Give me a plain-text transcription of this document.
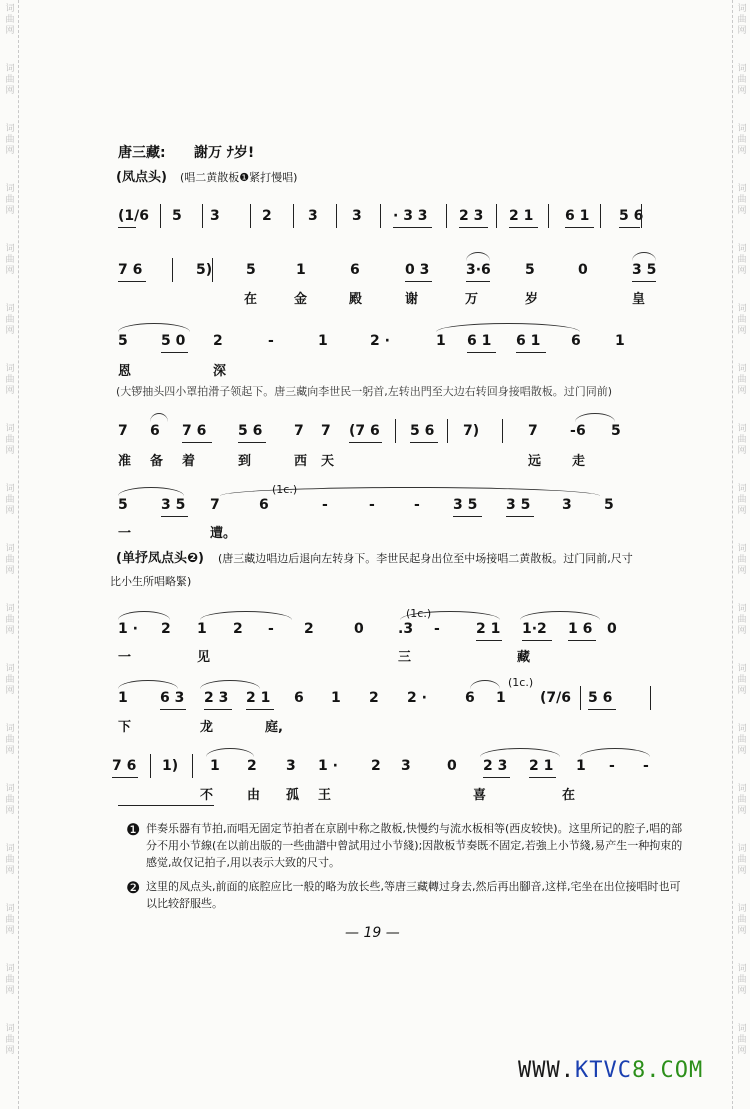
词
曲
网
词
曲
网
词
曲
网
词
曲
网
词
曲
网
词
曲
网
词
曲
网
词
曲
网
词
曲
网
词
曲
网
词
曲
网
词
曲
网
词
曲
网
词
曲
网
词
曲
网
词
曲
网
词
曲
网
词
曲
网
词
曲
网
词
曲
网
词
曲
网
词
曲
网
词
曲
网
词
曲
网
词
曲
网
词
曲
网
词
曲
网
词
曲
网
词
曲
网
词
曲
网
词
曲
网
词
曲
网
词
曲
网
词
曲
网
词
曲
网
词
曲
网
唐三藏: 謝万 ﾅ岁!
(凤点头) (唱二黄散板❶紧打慢唱)
(1/6 5 3	2	3 3 · 3 3 2 3 2 1 6 1 5 6
7 6	5) 5	1	6	0 3	3·6 5	0	3 5
在	金	殿	谢	万	岁	皇
5 5 0 2	-	1	2 ·	1 6 1 6 1 6 1
恩	深
(大锣抽头四小罩拍滑子领起下。唐三藏向李世民一躬首,左转出門至大边右转回身接唱散板。过门同前)
7 6 7 6 5 6 7 7 (7 6 5 6 7)	7 - 6 5
准 备 着	到	西 天	远 走
5 3 5 7	6	-	-	- 3 5 3 5 3 5
一	遭。
(1c.)
(单抒凤点头❷) (唐三藏边唱边后退向左转身下。李世民起身出位至中场接唱二黄散板。过门同前,尺寸
比小生所唱略緊)
1 · 2 1 2 - 2	0 .3 -	2 1 1·2 1 6 0
一	见	三	藏
(1c.)
1 6 3 2 3 2 1 6 1 2 2 ·	6 1 (7/6 5 6
下	龙	庭,
(1c.)
7 6 1) 1 2 3 1 · 2 3	0 2 3 2 1 1 - -
不	由 孤 王	喜	在
❶ 伴奏乐器有节拍,而唱无固定节拍者在京剧中称之散板,快慢约与流水板相等(西皮较快)。这里所记的腔子,唱的部分不用小节線(在以前出版的一些曲譜中曾試用过小节綫);因散板节奏既不固定,若強上小节綫,易产生一种拘束的感觉,故仅记拍子,用以表示大致的尺寸。
❷ 这里的凤点头,前面的底腔应比一般的略为放长些,等唐三藏轉过身去,然后再出腳音,这样,宅坐在出位接唱时也可以比较舒服些。
— 19 —
WWW.KTVC8.COM
